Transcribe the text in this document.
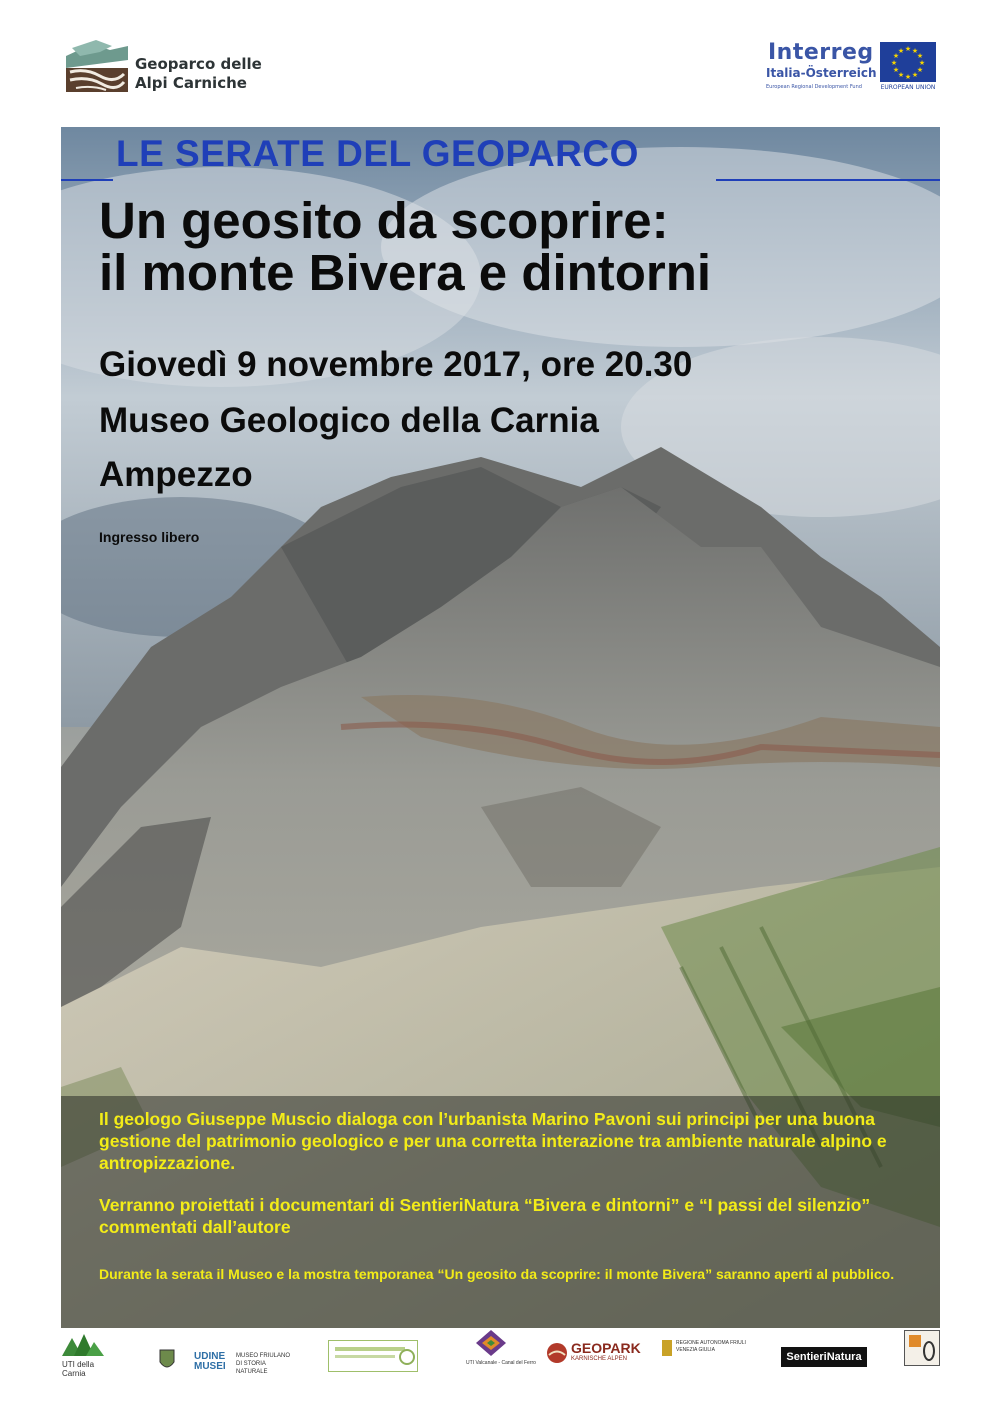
Geoparco delle
Alpi Carniche
Interreg
Italia-Österreich
European Regional Development Fund
★ ★
★
★
★
★
★
★
★
★
★
★
EUROPEAN UNION
LE SERATE DEL GEOPARCO
Un geosito da scoprire:
il monte Bivera e dintorni
Giovedì 9 novembre 2017, ore 20.30
Museo Geologico della Carnia
Ampezzo
Ingresso libero
Il geologo Giuseppe Muscio dialoga con l’urbanista Marino Pavoni sui principi per una buona gestione del patrimonio geologico e per una corretta interazione tra ambiente naturale alpino e antropizzazione.
Verranno proiettati i documentari di SentieriNatura “Bivera e dintorni” e “I passi del silenzio” commentati dall’autore
Durante la serata il Museo e la mostra temporanea “Un geosito da scoprire: il monte Bivera” saranno aperti al pubblico.
UTI della Carnia
UDINE MUSEI
MUSEO FRIULANO DI STORIA NATURALE
UTI Valcanale - Canal del Ferro
GEOPARK
KARNISCHE ALPEN
REGIONE AUTONOMA FRIULI VENEZIA GIULIA
SentieriNatura
